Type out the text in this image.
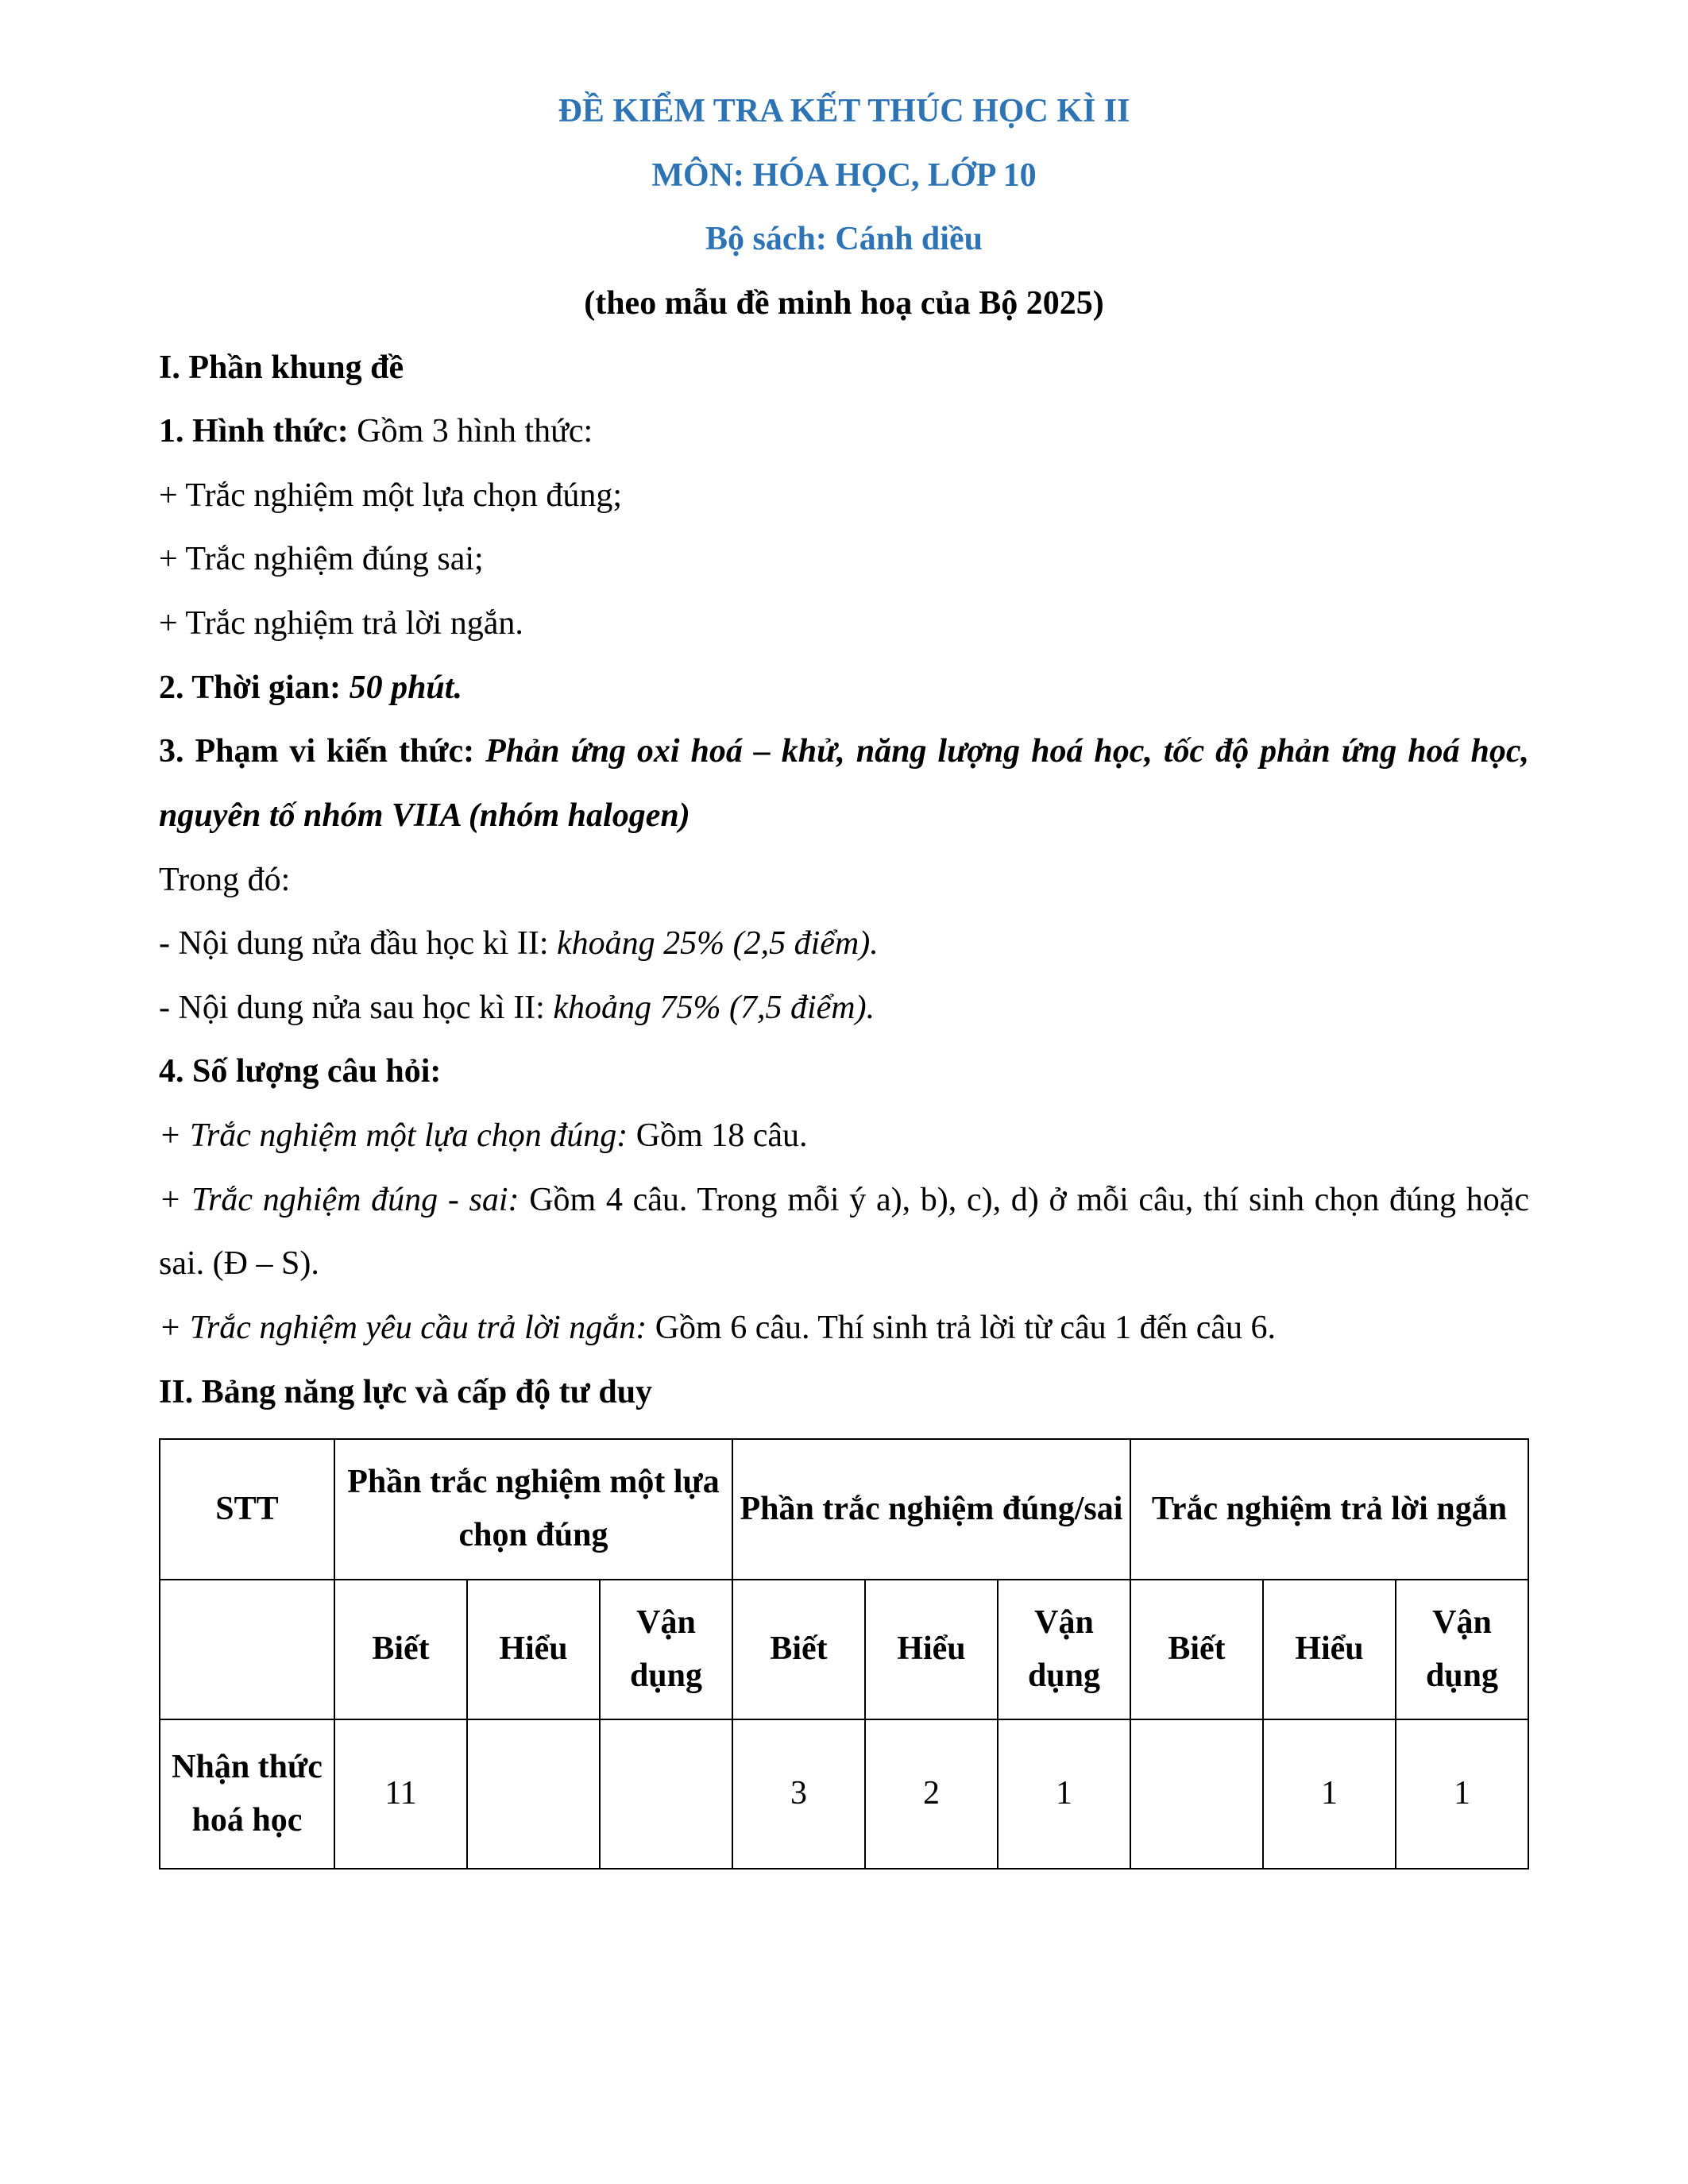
ĐỀ KIỂM TRA KẾT THÚC HỌC KÌ II

MÔN: HÓA HỌC, LỚP 10

Bộ sách: Cánh diều

(theo mẫu đề minh hoạ của Bộ 2025)

I. Phần khung đề

1. Hình thức: Gồm 3 hình thức:

+ Trắc nghiệm một lựa chọn đúng;

+ Trắc nghiệm đúng sai;

+ Trắc nghiệm trả lời ngắn.

2. Thời gian: 50 phút.

3. Phạm vi kiến thức: Phản ứng oxi hoá – khử, năng lượng hoá học, tốc độ phản ứng hoá học, nguyên tố nhóm VIIA (nhóm halogen)

Trong đó:

- Nội dung nửa đầu học kì II: khoảng 25% (2,5 điểm).

- Nội dung nửa sau học kì II: khoảng 75% (7,5 điểm).

4. Số lượng câu hỏi:

+ Trắc nghiệm một lựa chọn đúng: Gồm 18 câu.

+ Trắc nghiệm đúng - sai: Gồm 4 câu. Trong mỗi ý a), b), c), d) ở mỗi câu, thí sinh chọn đúng hoặc sai. (Đ – S).

+ Trắc nghiệm yêu cầu trả lời ngắn: Gồm 6 câu. Thí sinh trả lời từ câu 1 đến câu 6.

II. Bảng năng lực và cấp độ tư duy

STT	Phần trắc nghiệm một lựa chọn đúng			Phần trắc nghiệm đúng/sai			Trắc nghiệm trả lời ngắn		
	Biết	Hiểu	Vận dụng	Biết	Hiểu	Vận dụng	Biết	Hiểu	Vận dụng
Nhận thức hoá học	11			3	2	1		1	1
